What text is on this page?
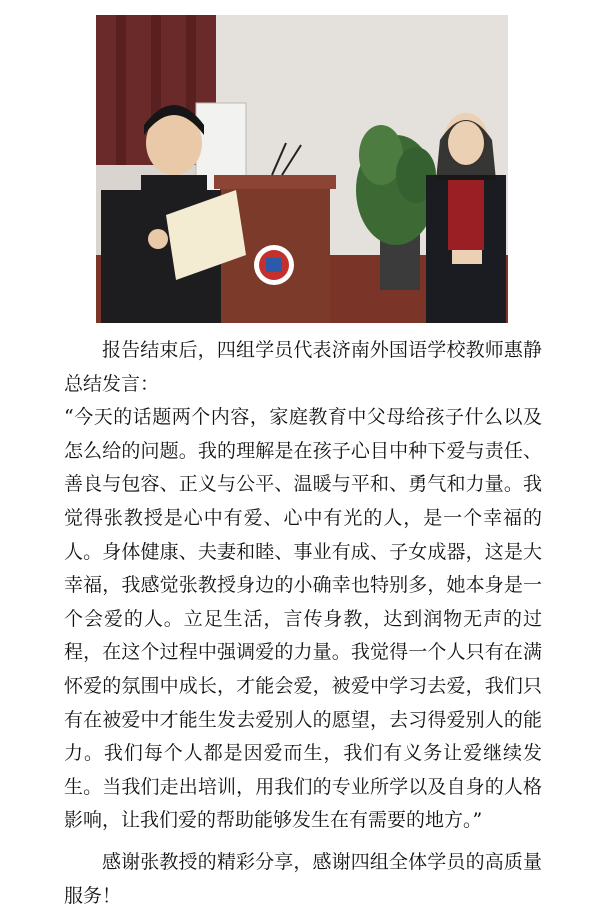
报告结束后，四组学员代表济南外国语学校教师惠静总结发言：

“今天的话题两个内容，家庭教育中父母给孩子什么以及怎么给的问题。我的理解是在孩子心目中种下爱与责任、善良与包容、正义与公平、温暖与平和、勇气和力量。我觉得张教授是心中有爱、心中有光的人，是一个幸福的人。身体健康、夫妻和睦、事业有成、子女成器，这是大幸福，我感觉张教授身边的小确幸也特别多，她本身是一个会爱的人。立足生活，言传身教，达到润物无声的过程，在这个过程中强调爱的力量。我觉得一个人只有在满怀爱的氛围中成长，才能会爱，被爱中学习去爱，我们只有在被爱中才能生发去爱别人的愿望，去习得爱别人的能力。我们每个人都是因爱而生，我们有义务让爱继续发生。当我们走出培训，用我们的专业所学以及自身的人格影响，让我们爱的帮助能够发生在有需要的地方。”

感谢张教授的精彩分享，感谢四组全体学员的高质量服务！
